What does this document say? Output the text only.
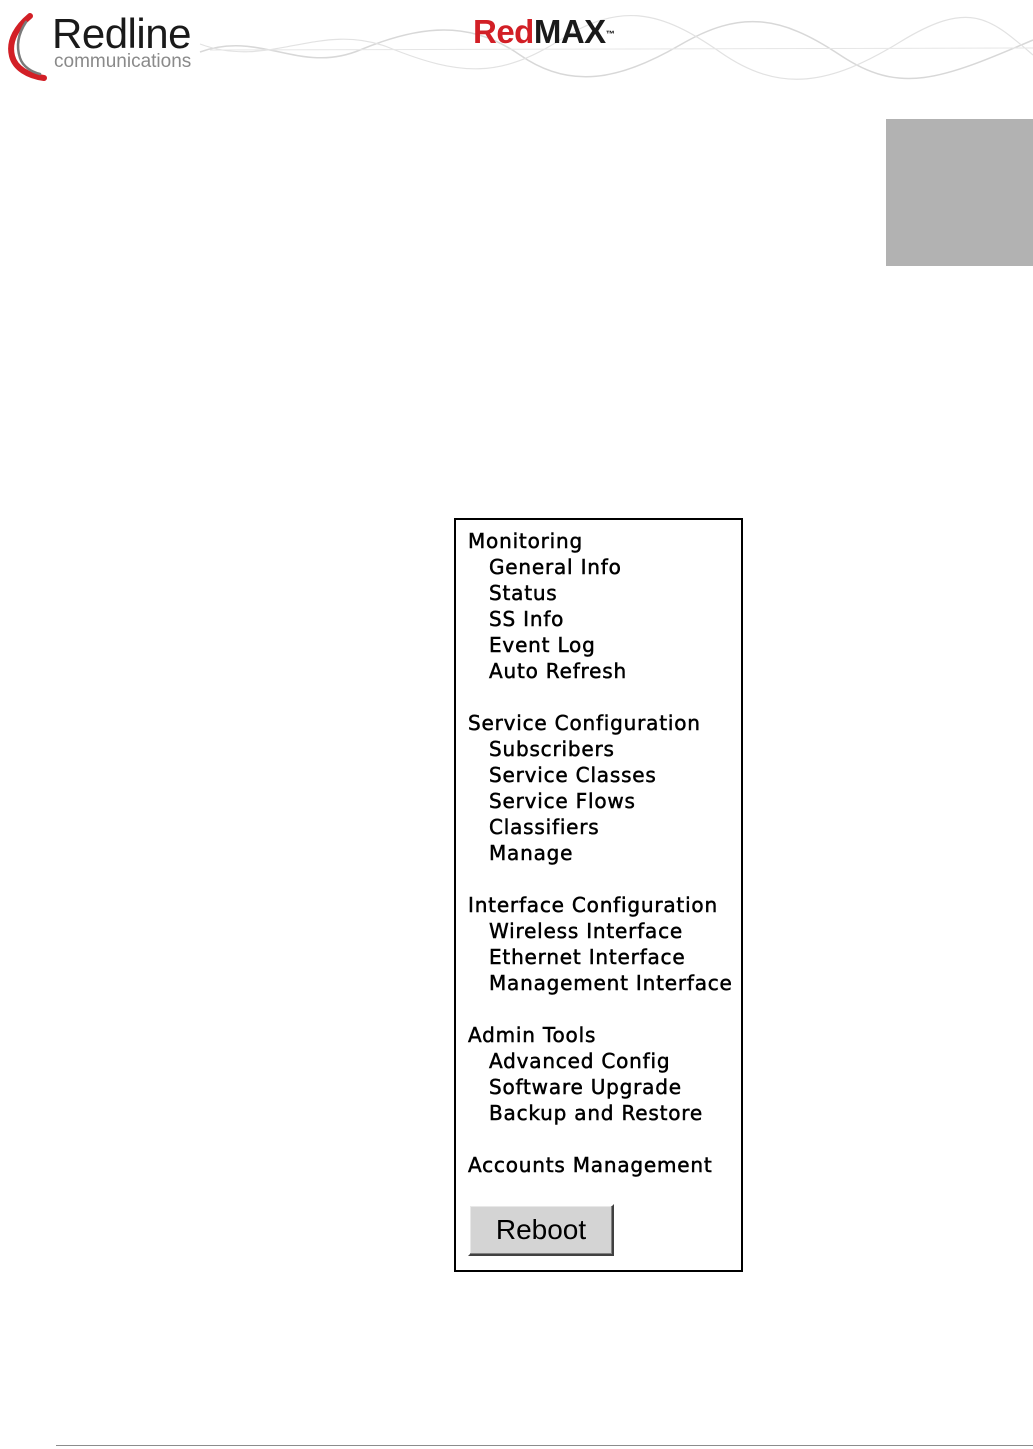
Redline
communications
RedMAX™
Monitoring
General Info
Status
SS Info
Event Log
Auto Refresh
Service Configuration
Subscribers
Service Classes
Service Flows
Classifiers
Manage
Interface Configuration
Wireless Interface
Ethernet Interface
Management Interface
Admin Tools
Advanced Config
Software Upgrade
Backup and Restore
Accounts Management
Reboot
